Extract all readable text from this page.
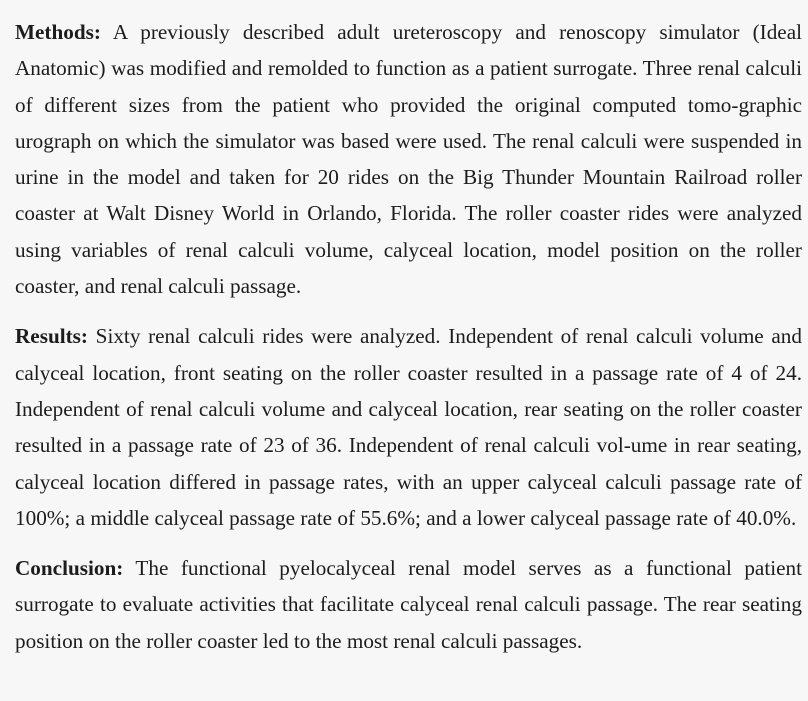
Methods: A previously described adult ureteroscopy and renoscopy simulator (Ideal Anatomic) was modified and remolded to function as a patient surrogate. Three renal calculi of different sizes from the patient who provided the original computed tomo-graphic urograph on which the simulator was based were used. The renal calculi were suspended in urine in the model and taken for 20 rides on the Big Thunder Mountain Railroad roller coaster at Walt Disney World in Orlando, Florida. The roller coaster rides were analyzed using variables of renal calculi volume, calyceal location, model position on the roller coaster, and renal calculi passage.

Results: Sixty renal calculi rides were analyzed. Independent of renal calculi volume and calyceal location, front seating on the roller coaster resulted in a passage rate of 4 of 24. Independent of renal calculi volume and calyceal location, rear seating on the roller coaster resulted in a passage rate of 23 of 36. Independent of renal calculi vol-ume in rear seating, calyceal location differed in passage rates, with an upper calyceal calculi passage rate of 100%; a middle calyceal passage rate of 55.6%; and a lower calyceal passage rate of 40.0%.

Conclusion: The functional pyelocalyceal renal model serves as a functional patient surrogate to evaluate activities that facilitate calyceal renal calculi passage. The rear seating position on the roller coaster led to the most renal calculi passages.
